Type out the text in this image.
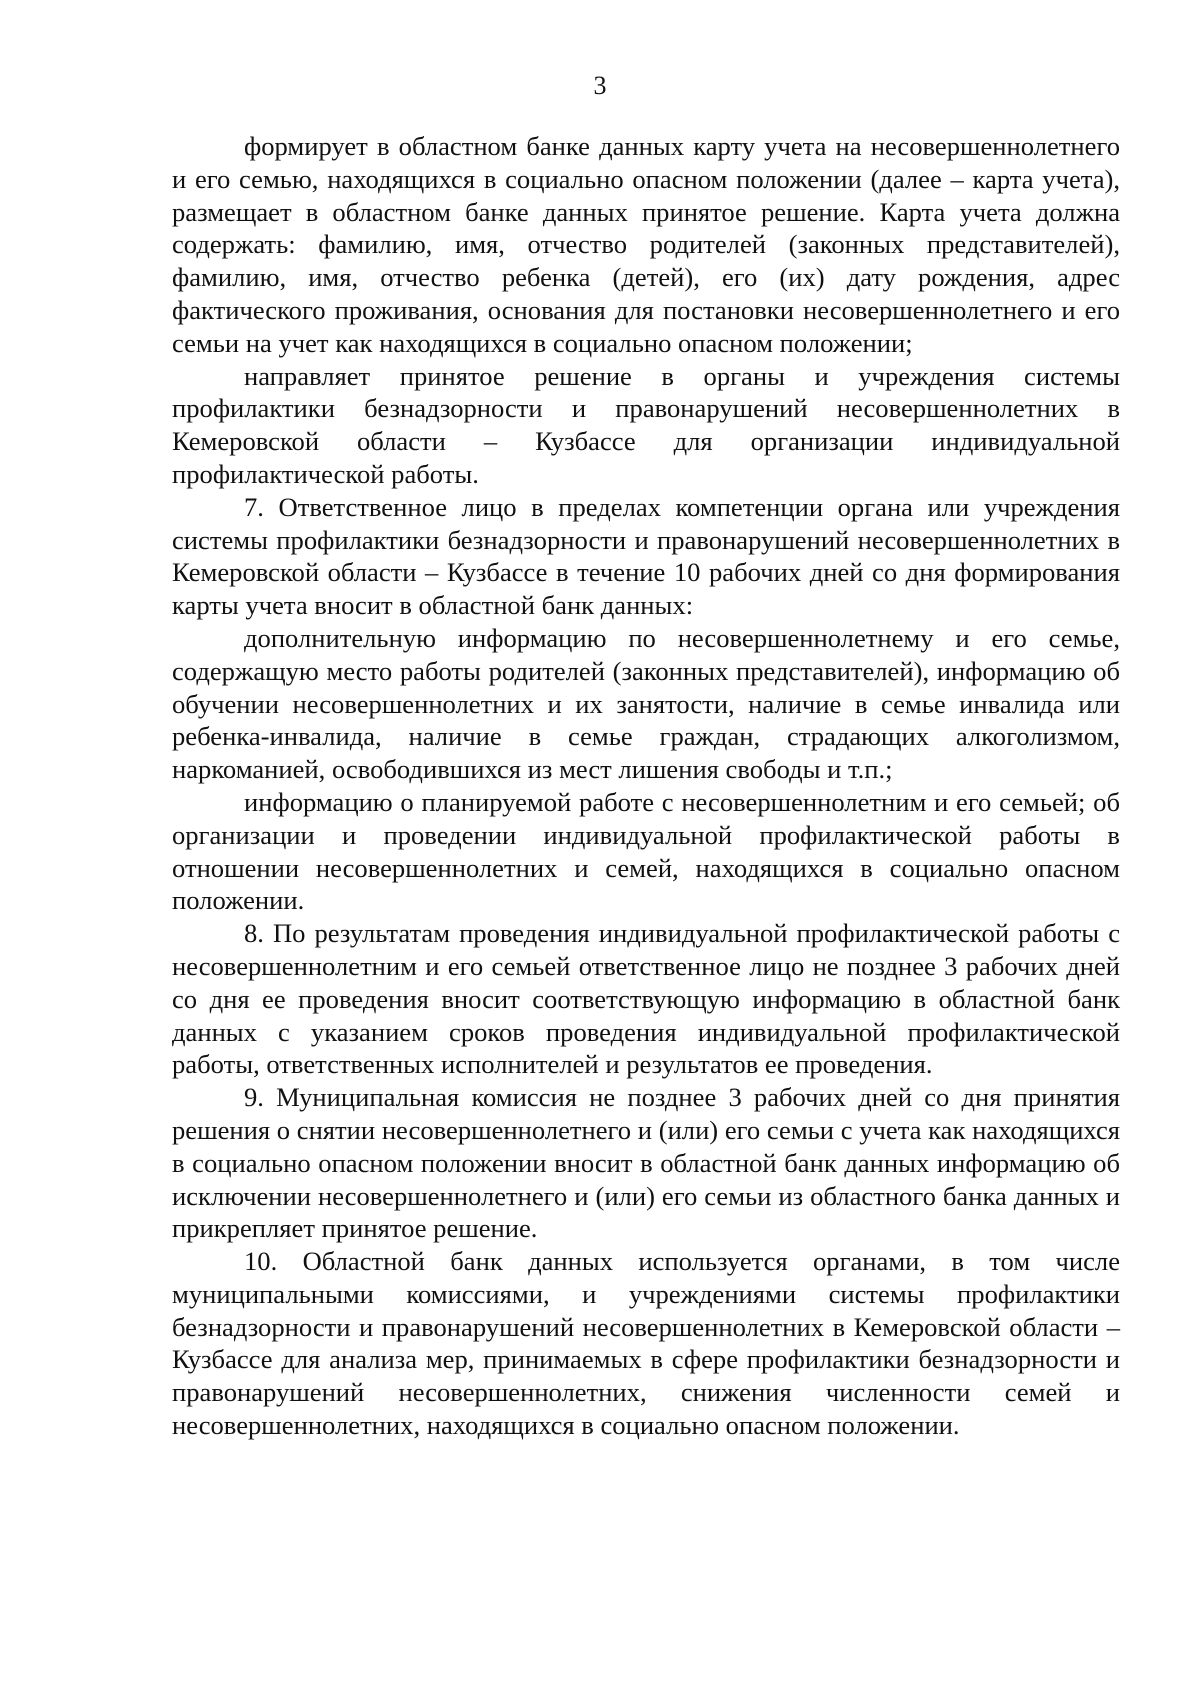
3

формирует в областном банке данных карту учета на несовершеннолетнего и его семью, находящихся в социально опасном положении (далее – карта учета), размещает в областном банке данных принятое решение. Карта учета должна содержать: фамилию, имя, отчество родителей (законных представителей), фамилию, имя, отчество ребенка (детей), его (их) дату рождения, адрес фактического проживания, основания для постановки несовершеннолетнего и его семьи на учет как находящихся в социально опасном положении;

направляет принятое решение в органы и учреждения системы профилактики безнадзорности и правонарушений несовершеннолетних в Кемеровской области – Кузбассе для организации индивидуальной профилактической работы.

7. Ответственное лицо в пределах компетенции органа или учреждения системы профилактики безнадзорности и правонарушений несовершеннолетних в Кемеровской области – Кузбассе в течение 10 рабочих дней со дня формирования карты учета вносит в областной банк данных:

дополнительную информацию по несовершеннолетнему и его семье, содержащую место работы родителей (законных представителей), информацию об обучении несовершеннолетних и их занятости, наличие в семье инвалида или ребенка-инвалида, наличие в семье граждан, страдающих алкоголизмом, наркоманией, освободившихся из мест лишения свободы и т.п.;

информацию о планируемой работе с несовершеннолетним и его семьей; об организации и проведении индивидуальной профилактической работы в отношении несовершеннолетних и семей, находящихся в социально опасном положении.

8. По результатам проведения индивидуальной профилактической работы с несовершеннолетним и его семьей ответственное лицо не позднее 3 рабочих дней со дня ее проведения вносит соответствующую информацию в областной банк данных с указанием сроков проведения индивидуальной профилактической работы, ответственных исполнителей и результатов ее проведения.

9. Муниципальная комиссия не позднее 3 рабочих дней со дня принятия решения о снятии несовершеннолетнего и (или) его семьи с учета как находящихся в социально опасном положении вносит в областной банк данных информацию об исключении несовершеннолетнего и (или) его семьи из областного банка данных и прикрепляет принятое решение.

10. Областной банк данных используется органами, в том числе муниципальными комиссиями, и учреждениями системы профилактики безнадзорности и правонарушений несовершеннолетних в Кемеровской области – Кузбассе для анализа мер, принимаемых в сфере профилактики безнадзорности и правонарушений несовершеннолетних, снижения численности семей и несовершеннолетних, находящихся в социально опасном положении.
